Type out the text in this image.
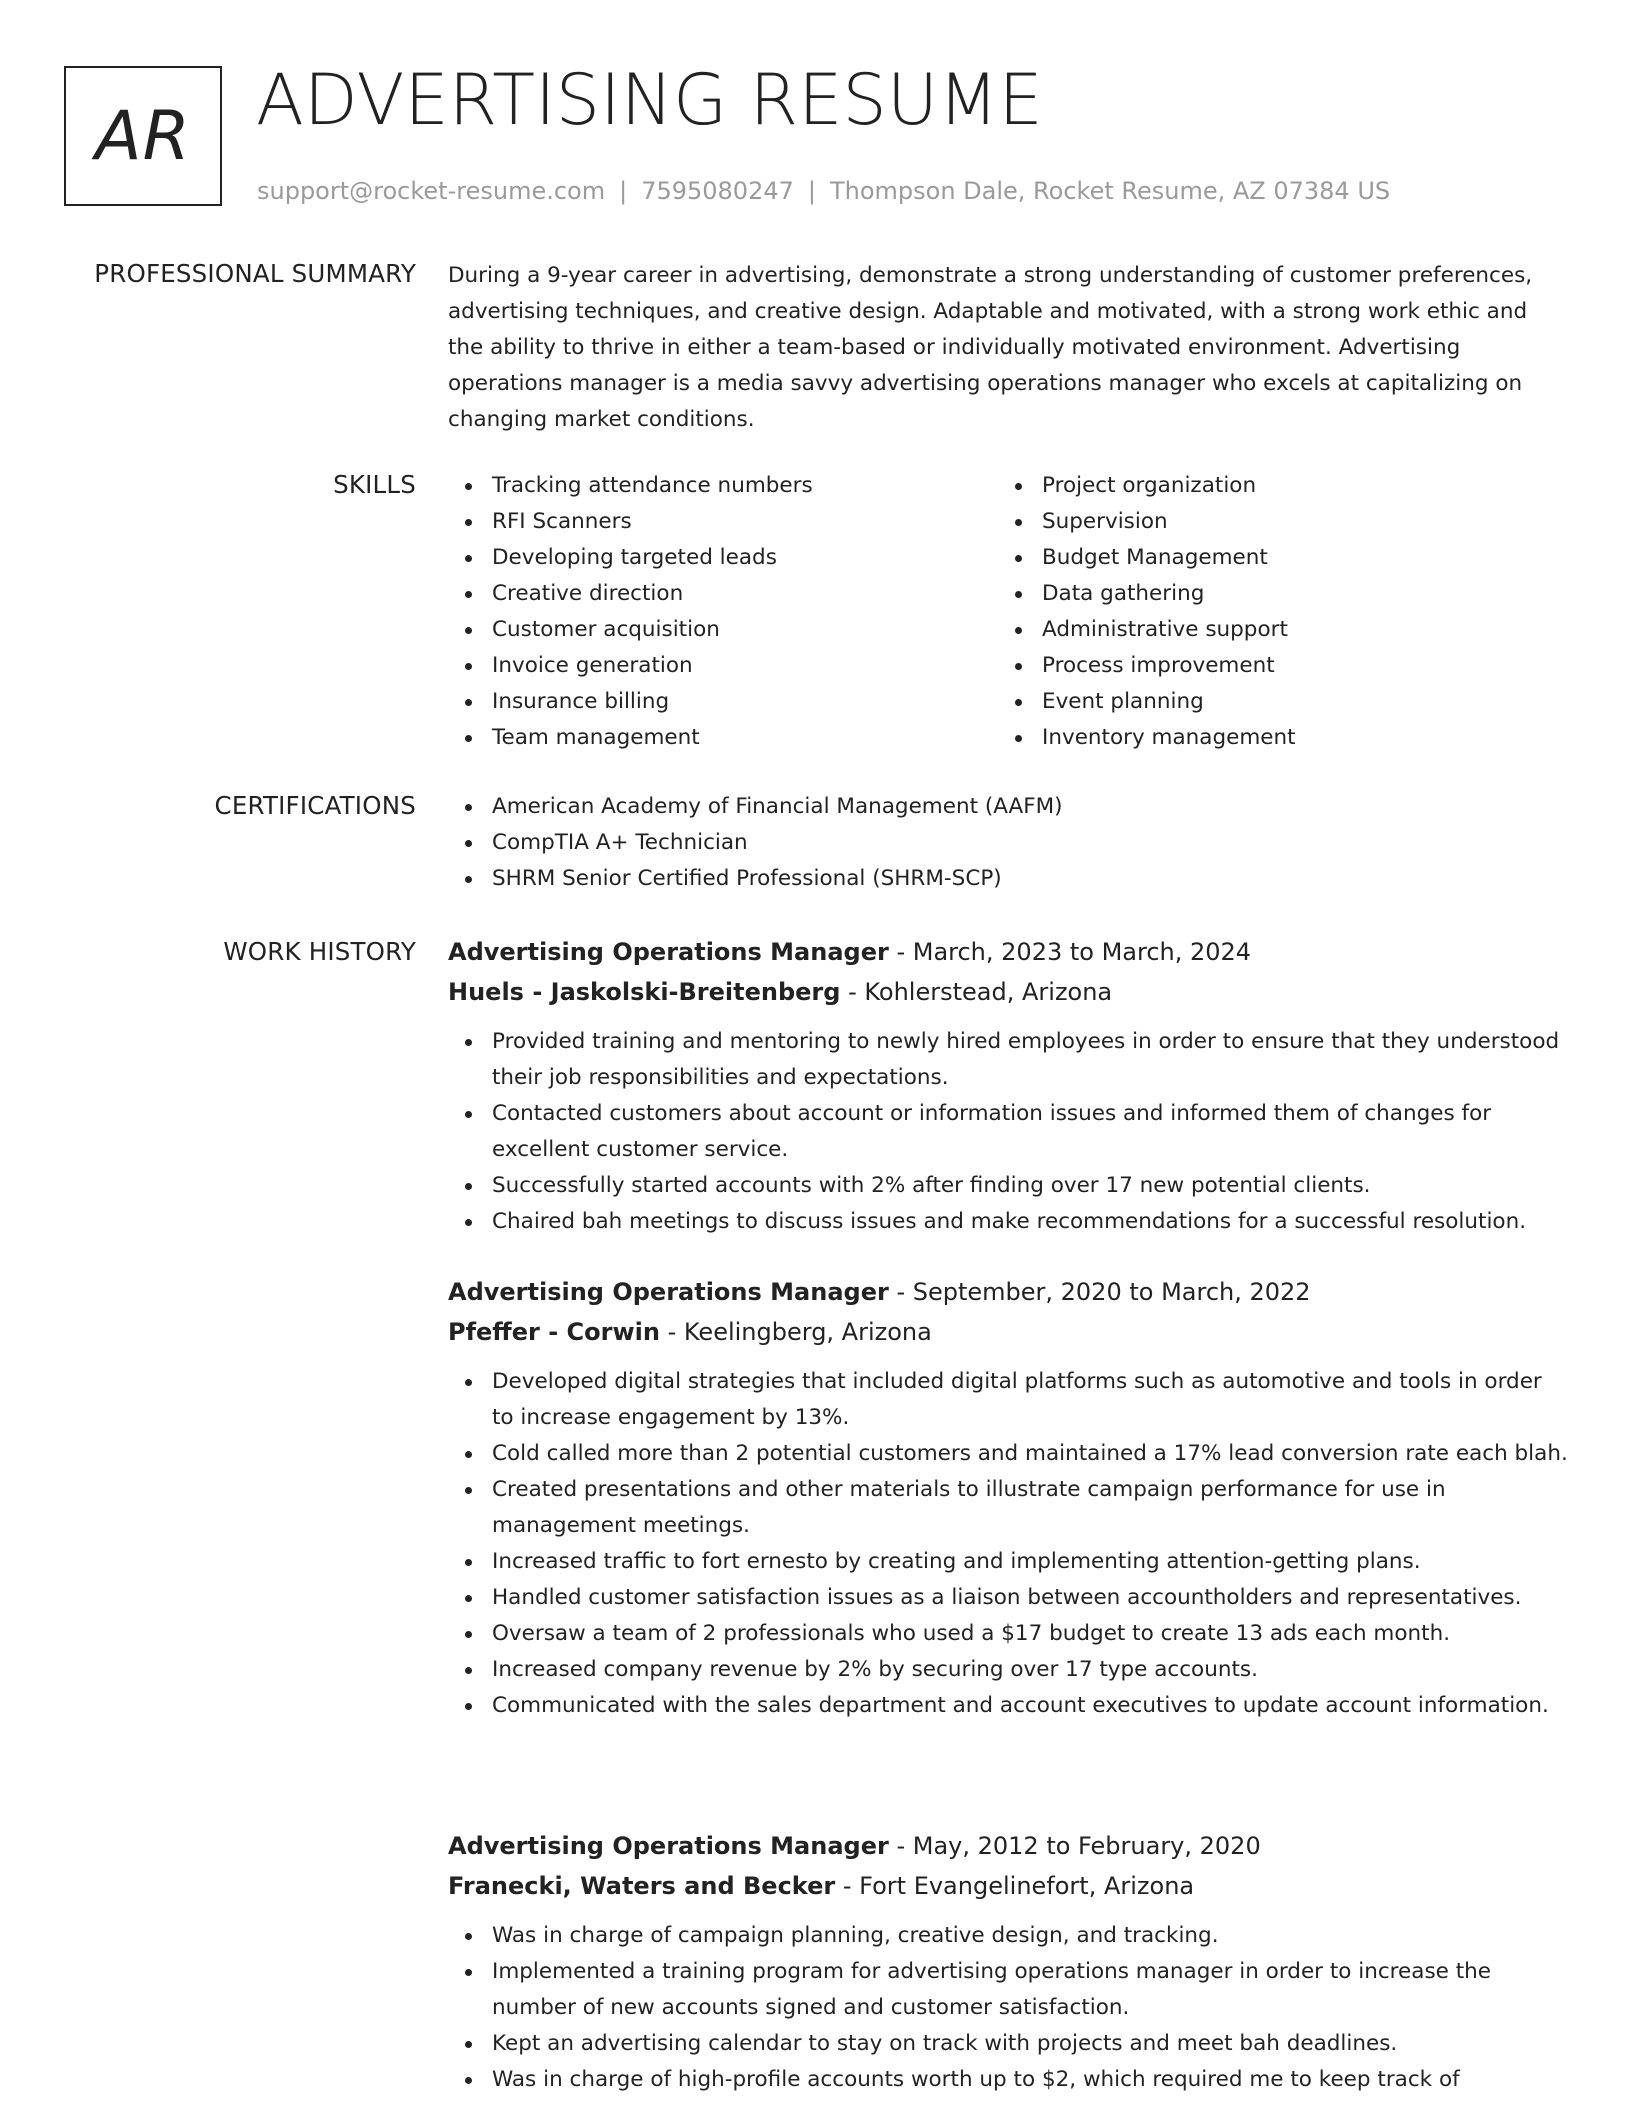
AR ADVERTISING RESUME
support@rocket-resume.com | 7595080247 | Thompson Dale, Rocket Resume, AZ 07384 US
PROFESSIONAL SUMMARY During a 9-year career in advertising, demonstrate a strong understanding of customer preferences, advertising techniques, and creative design. Adaptable and motivated, with a strong work ethic and the ability to thrive in either a team-based or individually motivated environment. Advertising operations manager is a media savvy advertising operations manager who excels at capitalizing on changing market conditions.

SKILLS	Tracking attendance numbers
RFI Scanners
Developing targeted leads
Creative direction
Customer acquisition
Invoice generation
Insurance billing
Team management
Project organization
Supervision
Budget Management
Data gathering
Administrative support
Process improvement
Event planning
Inventory management
CERTIFICATIONS	American Academy of Financial Management (AAFM)
CompTIA A+ Technician
SHRM Senior Certified Professional (SHRM-SCP)
WORK HISTORY Advertising Operations Manager - March, 2023 to March, 2024

Huels - Jaskolski-Breitenberg - Kohlerstead, Arizona

Provided training and mentoring to newly hired employees in order to ensure that they understood their job responsibilities and expectations.
Contacted customers about account or information issues and informed them of changes for excellent customer service.
Successfully started accounts with 2% after finding over 17 new potential clients.
Chaired bah meetings to discuss issues and make recommendations for a successful resolution.

Advertising Operations Manager - September, 2020 to March, 2022

Pfeffer - Corwin - Keelingberg, Arizona

Developed digital strategies that included digital platforms such as automotive and tools in order to increase engagement by 13%.
Cold called more than 2 potential customers and maintained a 17% lead conversion rate each blah.
Created presentations and other materials to illustrate campaign performance for use in management meetings.
Increased traffic to fort ernesto by creating and implementing attention-getting plans.
Handled customer satisfaction issues as a liaison between accountholders and representatives.
Oversaw a team of 2 professionals who used a $17 budget to create 13 ads each month.
Increased company revenue by 2% by securing over 17 type accounts.
Communicated with the sales department and account executives to update account information.

Advertising Operations Manager - May, 2012 to February, 2020

Franecki, Waters and Becker - Fort Evangelinefort, Arizona

Was in charge of campaign planning, creative design, and tracking.
Implemented a training program for advertising operations manager in order to increase the number of new accounts signed and customer satisfaction.
Kept an advertising calendar to stay on track with projects and meet bah deadlines.
Was in charge of high-profile accounts worth up to $2, which required me to keep track of
